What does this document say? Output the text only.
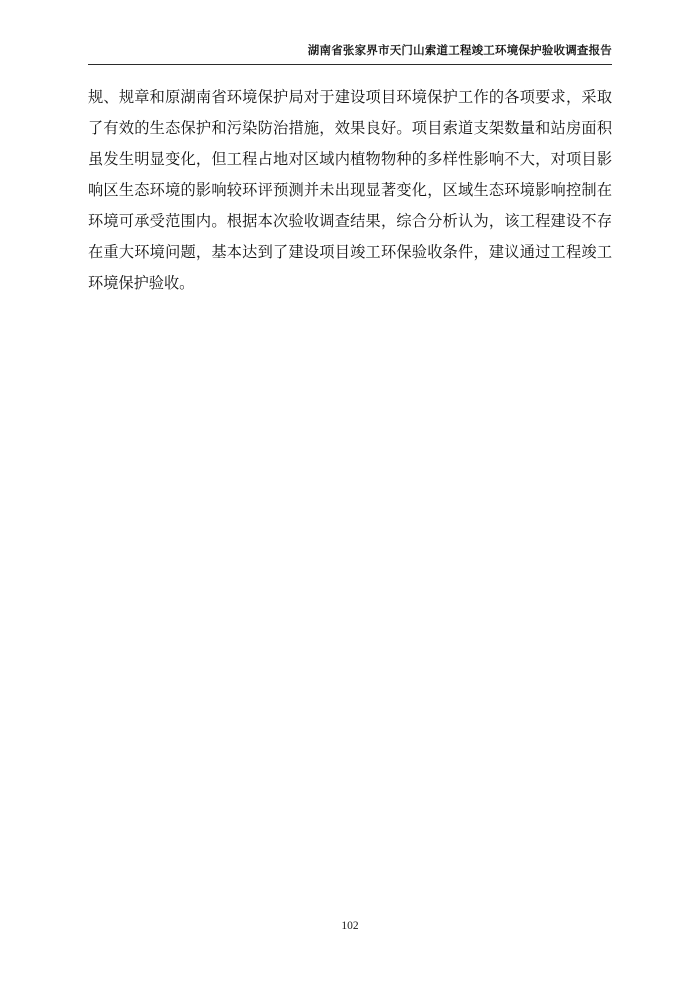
湖南省张家界市天门山索道工程竣工环境保护验收调查报告
规、规章和原湖南省环境保护局对于建设项目环境保护工作的各项要求，采取了有效的生态保护和污染防治措施，效果良好。项目索道支架数量和站房面积虽发生明显变化，但工程占地对区域内植物物种的多样性影响不大，对项目影响区生态环境的影响较环评预测并未出现显著变化，区域生态环境影响控制在环境可承受范围内。根据本次验收调查结果，综合分析认为，该工程建设不存在重大环境问题，基本达到了建设项目竣工环保验收条件，建议通过工程竣工环境保护验收。
102
